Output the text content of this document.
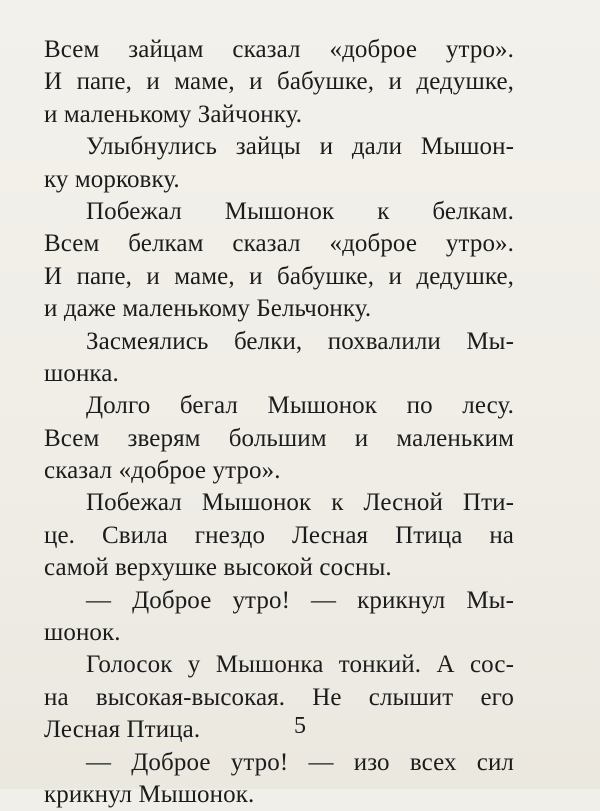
Всем зайцам сказал «доброе утро».
И папе, и маме, и бабушке, и дедушке,
и маленькому Зайчонку.
Улыбнулись зайцы и дали Мышон-
ку морковку.
Побежал Мышонок к белкам.
Всем белкам сказал «доброе утро».
И папе, и маме, и бабушке, и дедушке,
и даже маленькому Бельчонку.
Засмеялись белки, похвалили Мы-
шонка.
Долго бегал Мышонок по лесу.
Всем зверям большим и маленьким
сказал «доброе утро».
Побежал Мышонок к Лесной Пти-
це. Свила гнездо Лесная Птица на
самой верхушке высокой сосны.
— Доброе утро! — крикнул Мы-
шонок.
Голосок у Мышонка тонкий. А сос-
на высокая-высокая. Не слышит его
Лесная Птица.
— Доброе утро! — изо всех сил
крикнул Мышонок.
5
